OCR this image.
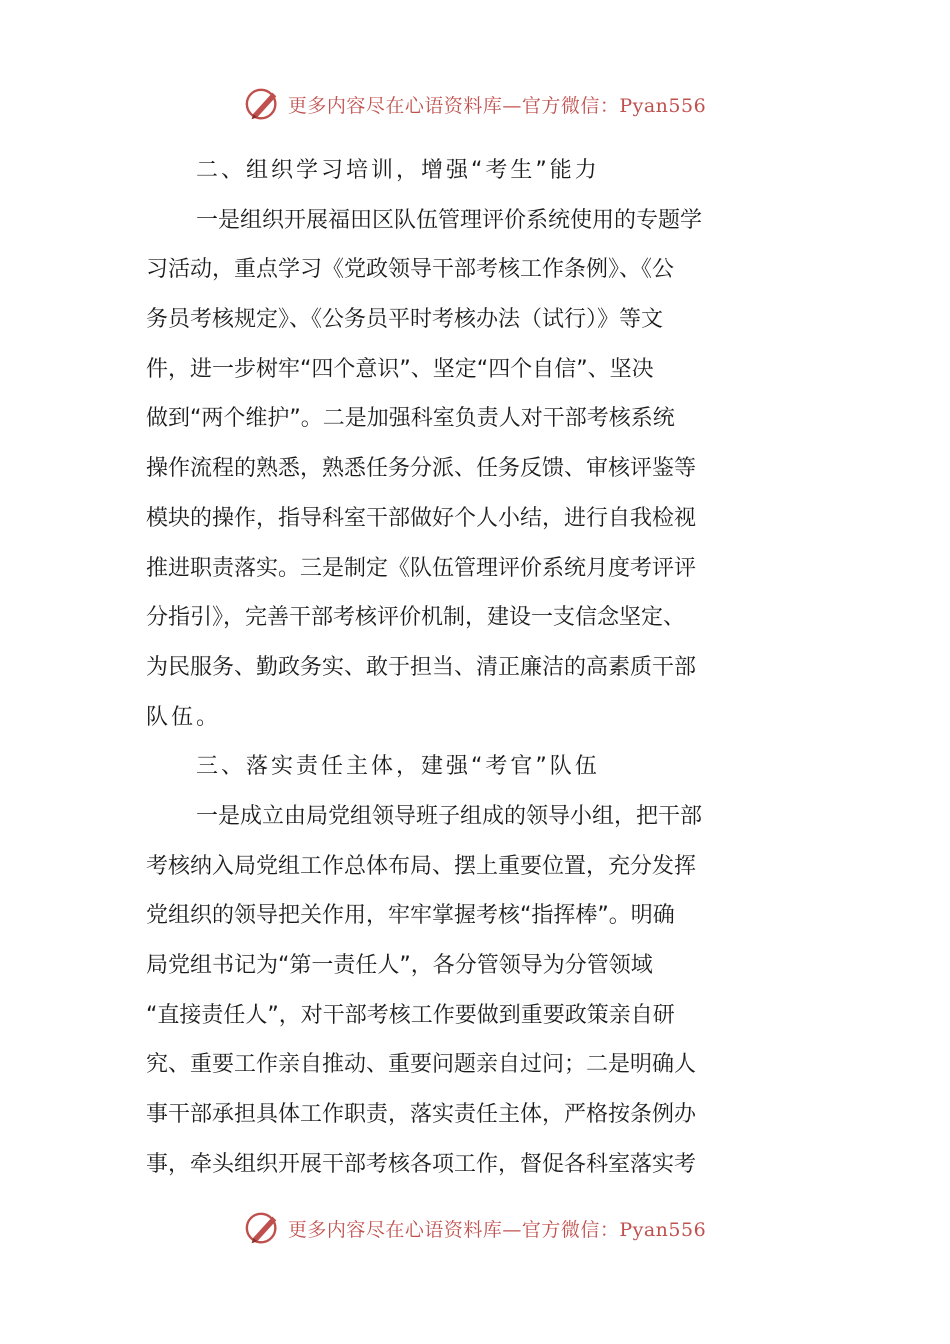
更多内容尽在心语资料库—官方微信：Pyan556
二、组织学习培训，增强“考生”能力
一是组织开展福田区队伍管理评价系统使用的专题学
习活动，重点学习《党政领导干部考核工作条例》、《公
务员考核规定》、《公务员平时考核办法（试行）》等文
件，进一步树牢“四个意识”、坚定“四个自信”、坚决
做到“两个维护”。二是加强科室负责人对干部考核系统
操作流程的熟悉，熟悉任务分派、任务反馈、审核评鉴等
模块的操作，指导科室干部做好个人小结，进行自我检视
推进职责落实。三是制定《队伍管理评价系统月度考评评
分指引》，完善干部考核评价机制，建设一支信念坚定、
为民服务、勤政务实、敢于担当、清正廉洁的高素质干部
队伍。
三、落实责任主体，建强“考官”队伍
一是成立由局党组领导班子组成的领导小组，把干部
考核纳入局党组工作总体布局、摆上重要位置，充分发挥
党组织的领导把关作用，牢牢掌握考核“指挥棒”。明确
局党组书记为“第一责任人”，各分管领导为分管领域
“直接责任人”，对干部考核工作要做到重要政策亲自研
究、重要工作亲自推动、重要问题亲自过问；二是明确人
事干部承担具体工作职责，落实责任主体，严格按条例办
事，牵头组织开展干部考核各项工作，督促各科室落实考
更多内容尽在心语资料库—官方微信：Pyan556
